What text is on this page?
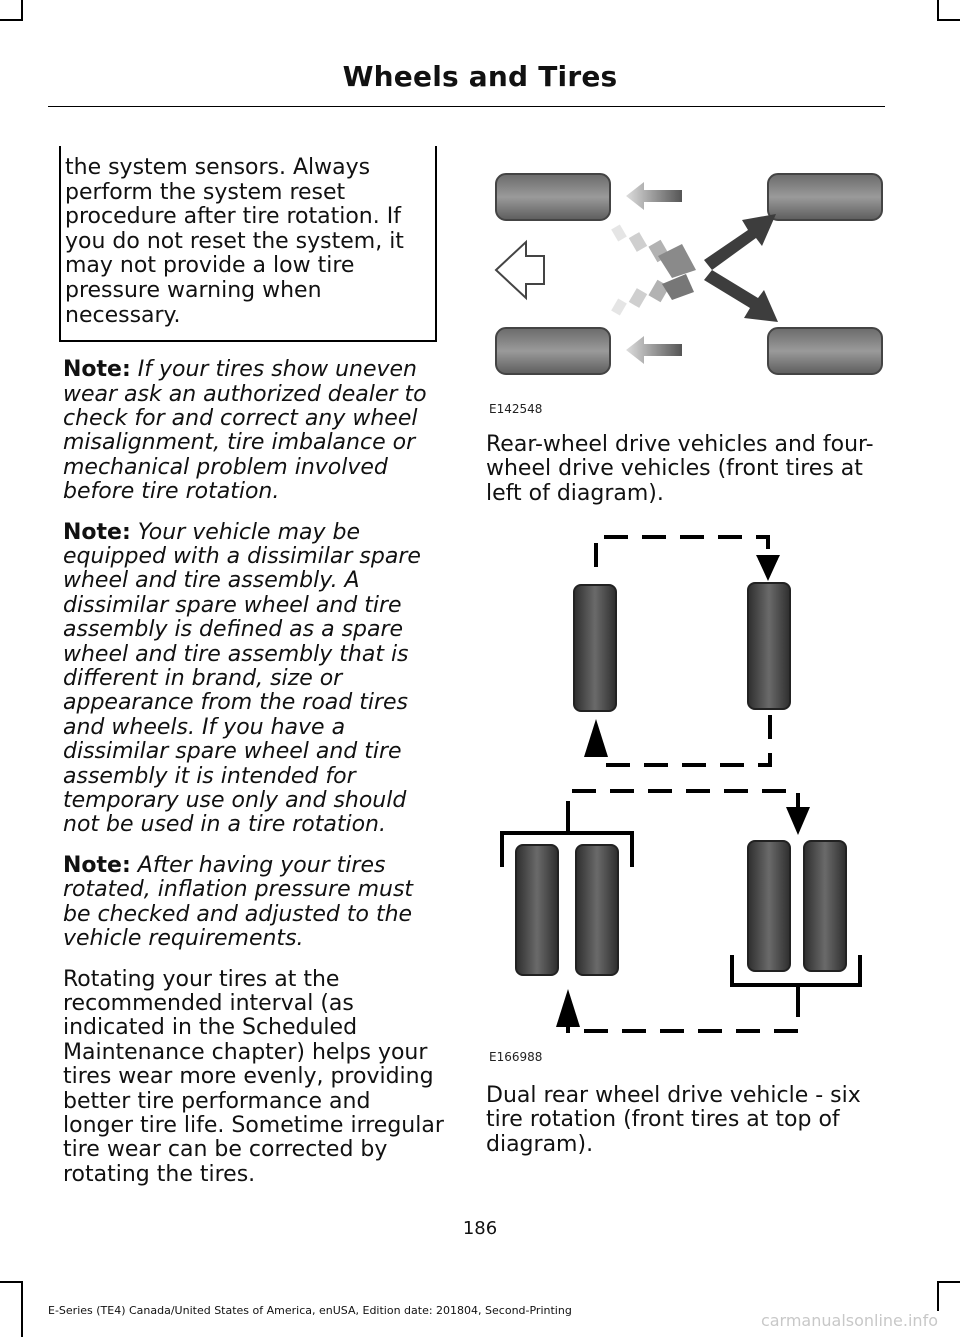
Wheels and Tires
the system sensors. Always perform the system reset procedure after tire rotation. If you do not reset the system, it may not provide a low tire pressure warning when necessary.
Note: If your tires show uneven wear ask an authorized dealer to check for and correct any wheel misalignment, tire imbalance or mechanical problem involved before tire rotation.
Note: Your vehicle may be equipped with a dissimilar spare wheel and tire assembly. A dissimilar spare wheel and tire assembly is defined as a spare wheel and tire assembly that is different in brand, size or appearance from the road tires and wheels. If you have a dissimilar spare wheel and tire assembly it is intended for temporary use only and should not be used in a tire rotation.
Note: After having your tires rotated, inflation pressure must be checked and adjusted to the vehicle requirements.
Rotating your tires at the recommended interval (as indicated in the Scheduled Maintenance chapter) helps your tires wear more evenly, providing better tire performance and longer tire life. Sometime irregular tire wear can be corrected by rotating the tires.
E142548
Rear-wheel drive vehicles and four-wheel drive vehicles (front tires at left of diagram).
E166988
Dual rear wheel drive vehicle - six tire rotation (front tires at top of diagram).
186
E-Series (TE4) Canada/United States of America, enUSA, Edition date: 201804, Second-Printing
carmanualsonline.info
